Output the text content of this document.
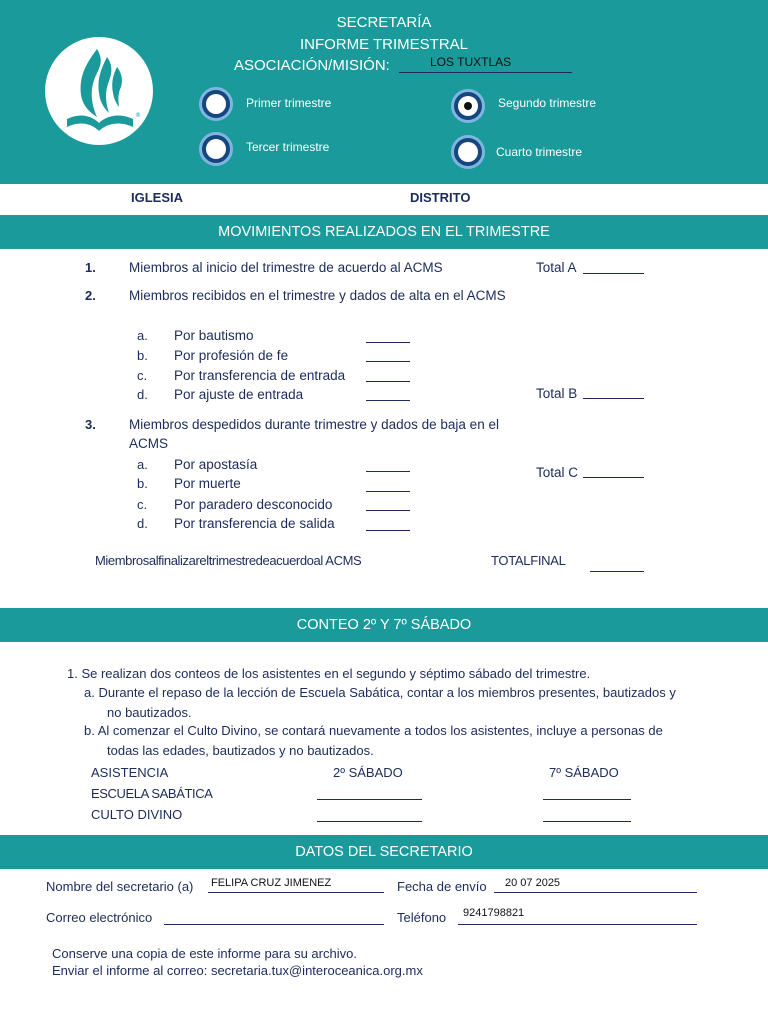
®
SECRETARÍA
INFORME TRIMESTRAL
ASOCIACIÓN/MISIÓN:	LOS TUXTLAS
Primer trimestre	Segundo trimestre
Tercer trimestre	Cuarto trimestre
IGLESIA	DISTRITO
MOVIMIENTOS REALIZADOS EN EL TRIMESTRE
1. Miembros al inicio del trimestre de acuerdo al ACMS	Total A
2. Miembros recibidos en el trimestre y dados de alta en el ACMS
a. Por bautismo
b. Por profesión de fe
c. Por transferencia de entrada
d. Por ajuste de entrada	Total B
3. Miembros despedidos durante trimestre y dados de baja en el
ACMS
a. Por apostasía
b. Por muerte
c. Por paradero desconocido
d. Por transferencia de salida
Total C
Miembrosalfinalizareltrimestredeacuerdoal ACMS	TOTALFINAL
CONTEO 2º Y 7º SÁBADO
1. Se realizan dos conteos de los asistentes en el segundo y séptimo sábado del trimestre.
a. Durante el repaso de la lección de Escuela Sabática, contar a los miembros presentes, bautizados y
no bautizados.
b. Al comenzar el Culto Divino, se contará nuevamente a todos los asistentes, incluye a personas de
todas las edades, bautizados y no bautizados.
ASISTENCIA	2º SÁBADO	7º SÁBADO
ESCUELA SABÁTICA
CULTO DIVINO
DATOS DEL SECRETARIO
Nombre del secretario (a) FELIPA CRUZ JIMENEZ	Fecha de envío 20 07 2025
Correo electrónico	Teléfono 9241798821
Conserve una copia de este informe para su archivo.
Enviar el informe al correo: secretaria.tux@interoceanica.org.mx
